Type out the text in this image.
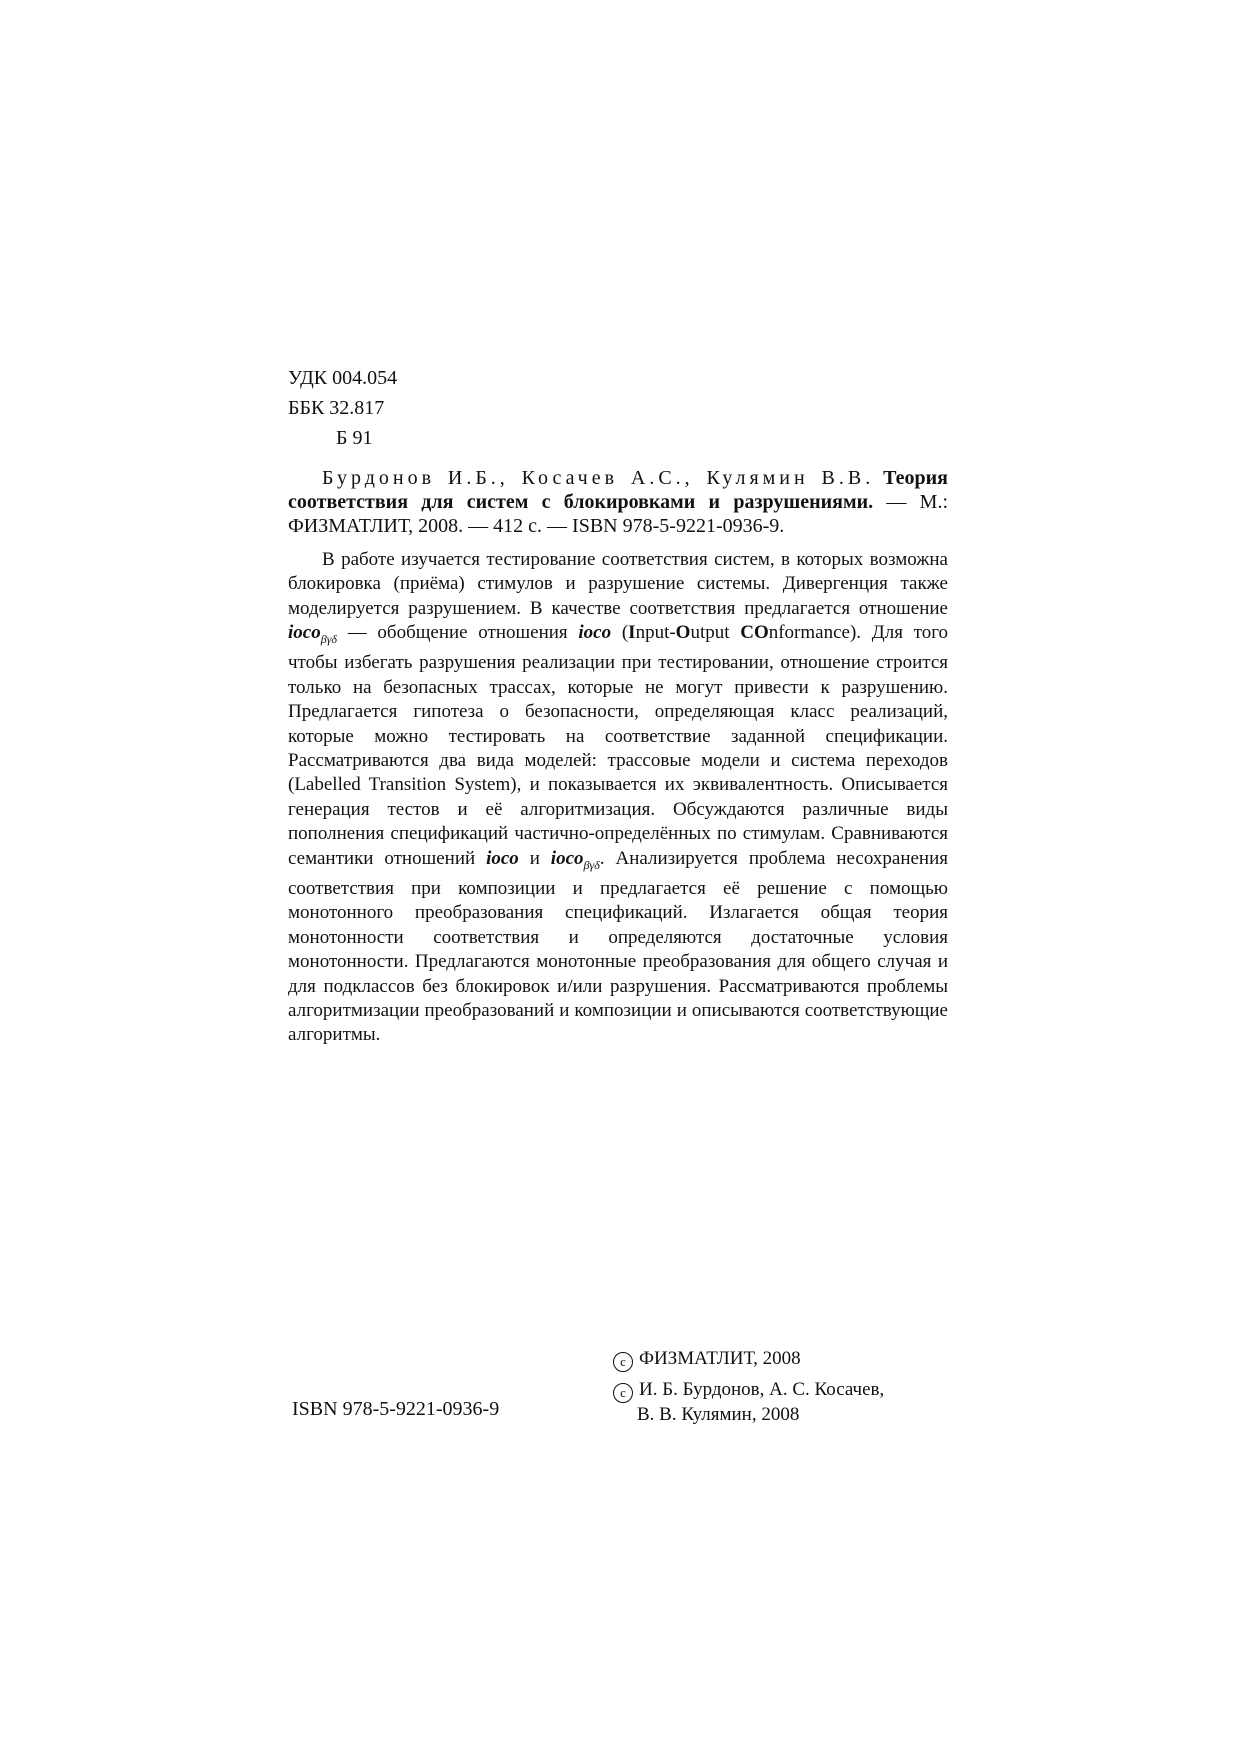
УДК 004.054
ББК 32.817
Б 91
Бурдонов И.Б., Косачев А.С., Кулямин В.В. Теория соответствия для систем с блокировками и разрушениями. — М.: ФИЗМАТЛИТ, 2008. — 412 с. — ISBN 978-5-9221-0936-9.
В работе изучается тестирование соответствия систем, в которых возможна блокировка (приёма) стимулов и разрушение системы. Дивергенция также моделируется разрушением. В качестве соответствия предлагается отношение ioco$_{\beta\gamma\delta}$ — обобщение отношения ioco (Input-Output COnformance). Для того чтобы избегать разрушения реализации при тестировании, отношение строится только на безопасных трассах, которые не могут привести к разрушению. Предлагается гипотеза о безопасности, определяющая класс реализаций, которые можно тестировать на соответствие заданной спецификации. Рассматриваются два вида моделей: трассовые модели и система переходов (Labelled Transition System), и показывается их эквивалентность. Описывается генерация тестов и её алгоритмизация. Обсуждаются различные виды пополнения спецификаций частично-определённых по стимулам. Сравниваются семантики отношений ioco и ioco$_{\beta\gamma\delta}$. Анализируется проблема несохранения соответствия при композиции и предлагается её решение с помощью монотонного преобразования спецификаций. Излагается общая теория монотонности соответствия и определяются достаточные условия монотонности. Предлагаются монотонные преобразования для общего случая и для подклассов без блокировок и/или разрушения. Рассматриваются проблемы алгоритмизации преобразований и композиции и описываются соответствующие алгоритмы.
ISBN 978-5-9221-0936-9
c ФИЗМАТЛИТ, 2008
c И. Б. Бурдонов, А. С. Косачев,
В. В. Кулямин, 2008
